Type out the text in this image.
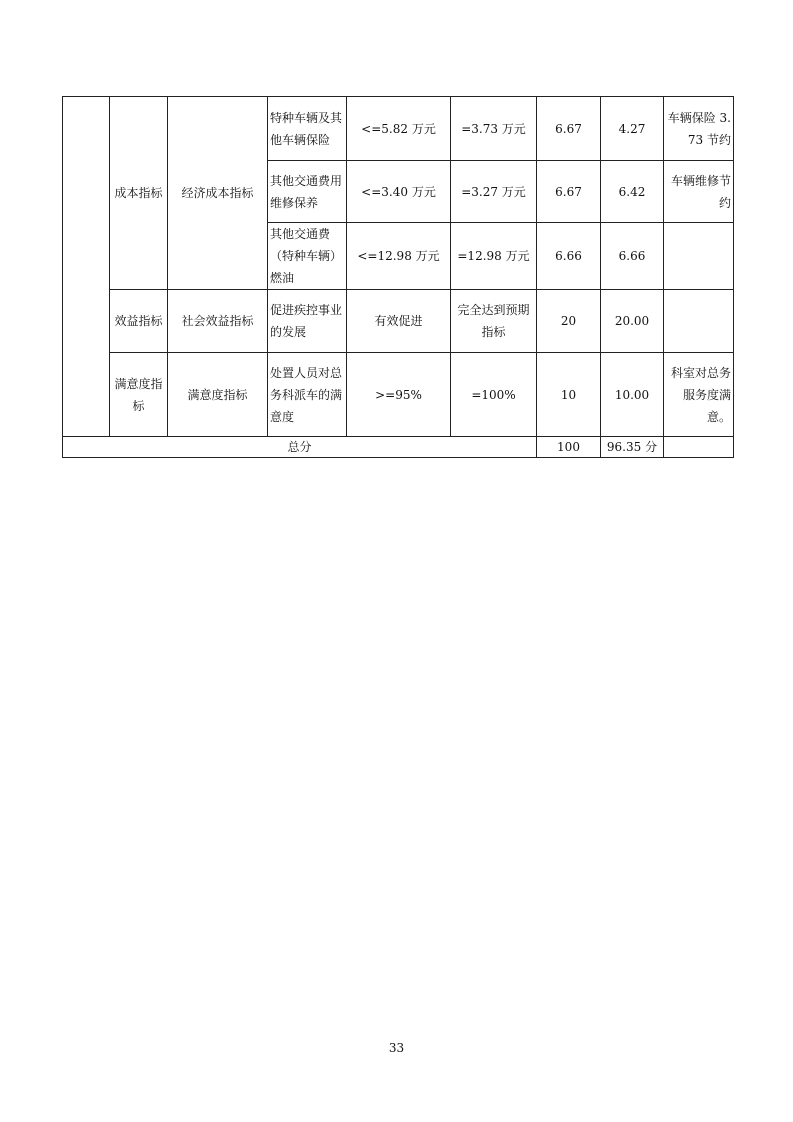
	成本指标	经济成本指标	特种车辆及其他车辆保险	<=5.82 万元	=3.73 万元	6.67	4.27	车辆保险 3.73 节约
			其他交通费用维修保养	<=3.40 万元	=3.27 万元	6.67	6.42	车辆维修节约
			其他交通费（特种车辆）燃油	<=12.98 万元	=12.98 万元	6.66	6.66	
	效益指标	社会效益指标	促进疾控事业的发展	有效促进	完全达到预期指标	20	20.00	
	满意度指标	满意度指标	处置人员对总务科派车的满意度	>=95%	=100%	10	10.00	科室对总务服务度满意。
总分						100	96.35 分	
33
